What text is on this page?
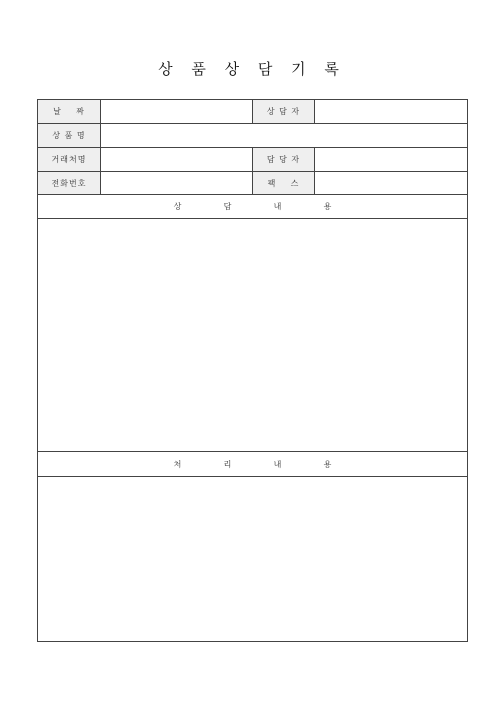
상 품 상 담 기 록
날    짜		상 담 자	
상 품 명			
거래처명		담 당 자	
전화번호		팩    스	
상 담 내 용			

처 리 내 용			
